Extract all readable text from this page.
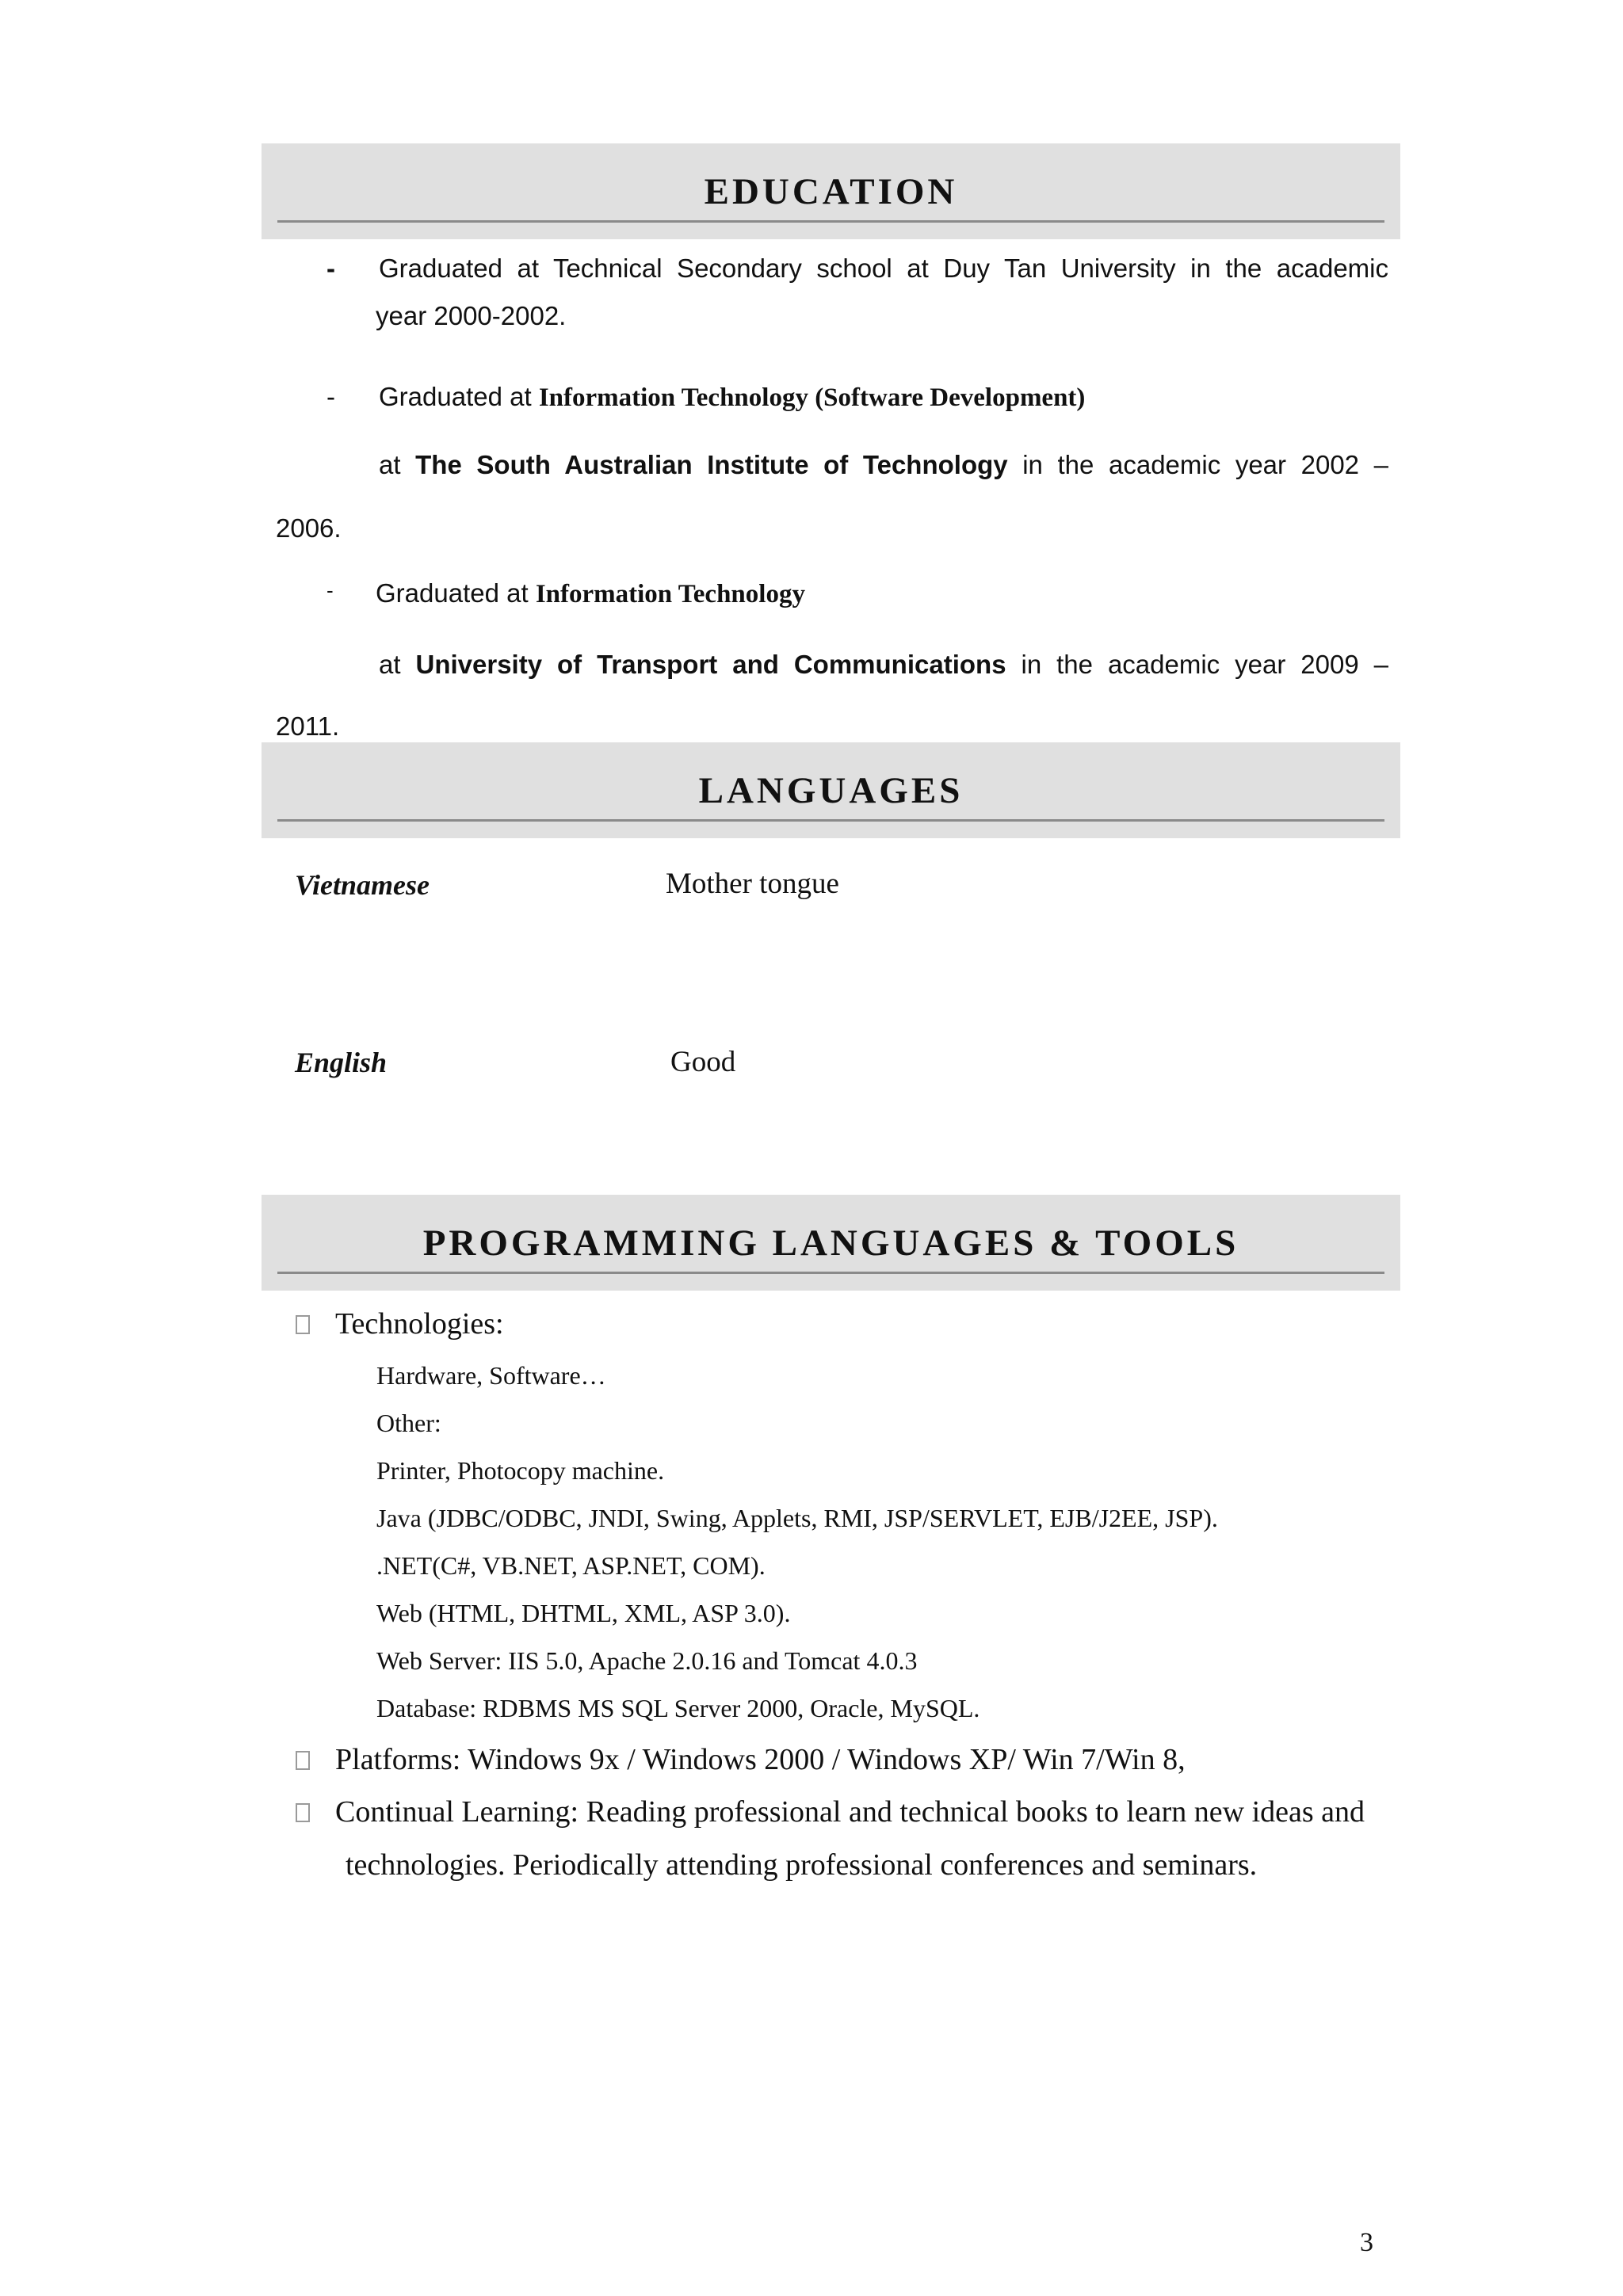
EDUCATION
- Graduated at Technical Secondary school at Duy Tan University in the academic
year 2000-2002.
- Graduated at Information Technology (Software Development)
at The South Australian Institute of Technology in the academic year 2002 –
2006.
- Graduated at Information Technology
at University of Transport and Communications in the academic year 2009 –
2011.
LANGUAGES
Vietnamese	Mother tongue
English	Good
PROGRAMMING LANGUAGES & TOOLS
Technologies:
Hardware, Software…
Other:
Printer, Photocopy machine.
Java (JDBC/ODBC, JNDI, Swing, Applets, RMI, JSP/SERVLET, EJB/J2EE, JSP).
.NET(C#, VB.NET, ASP.NET, COM).
Web (HTML, DHTML, XML, ASP 3.0).
Web Server: IIS 5.0, Apache 2.0.16 and Tomcat 4.0.3
Database: RDBMS MS SQL Server 2000, Oracle, MySQL.
Platforms: Windows 9x / Windows 2000 / Windows XP/ Win 7/Win 8,
Continual Learning: Reading professional and technical books to learn new ideas and
technologies. Periodically attending professional conferences and seminars.
3
